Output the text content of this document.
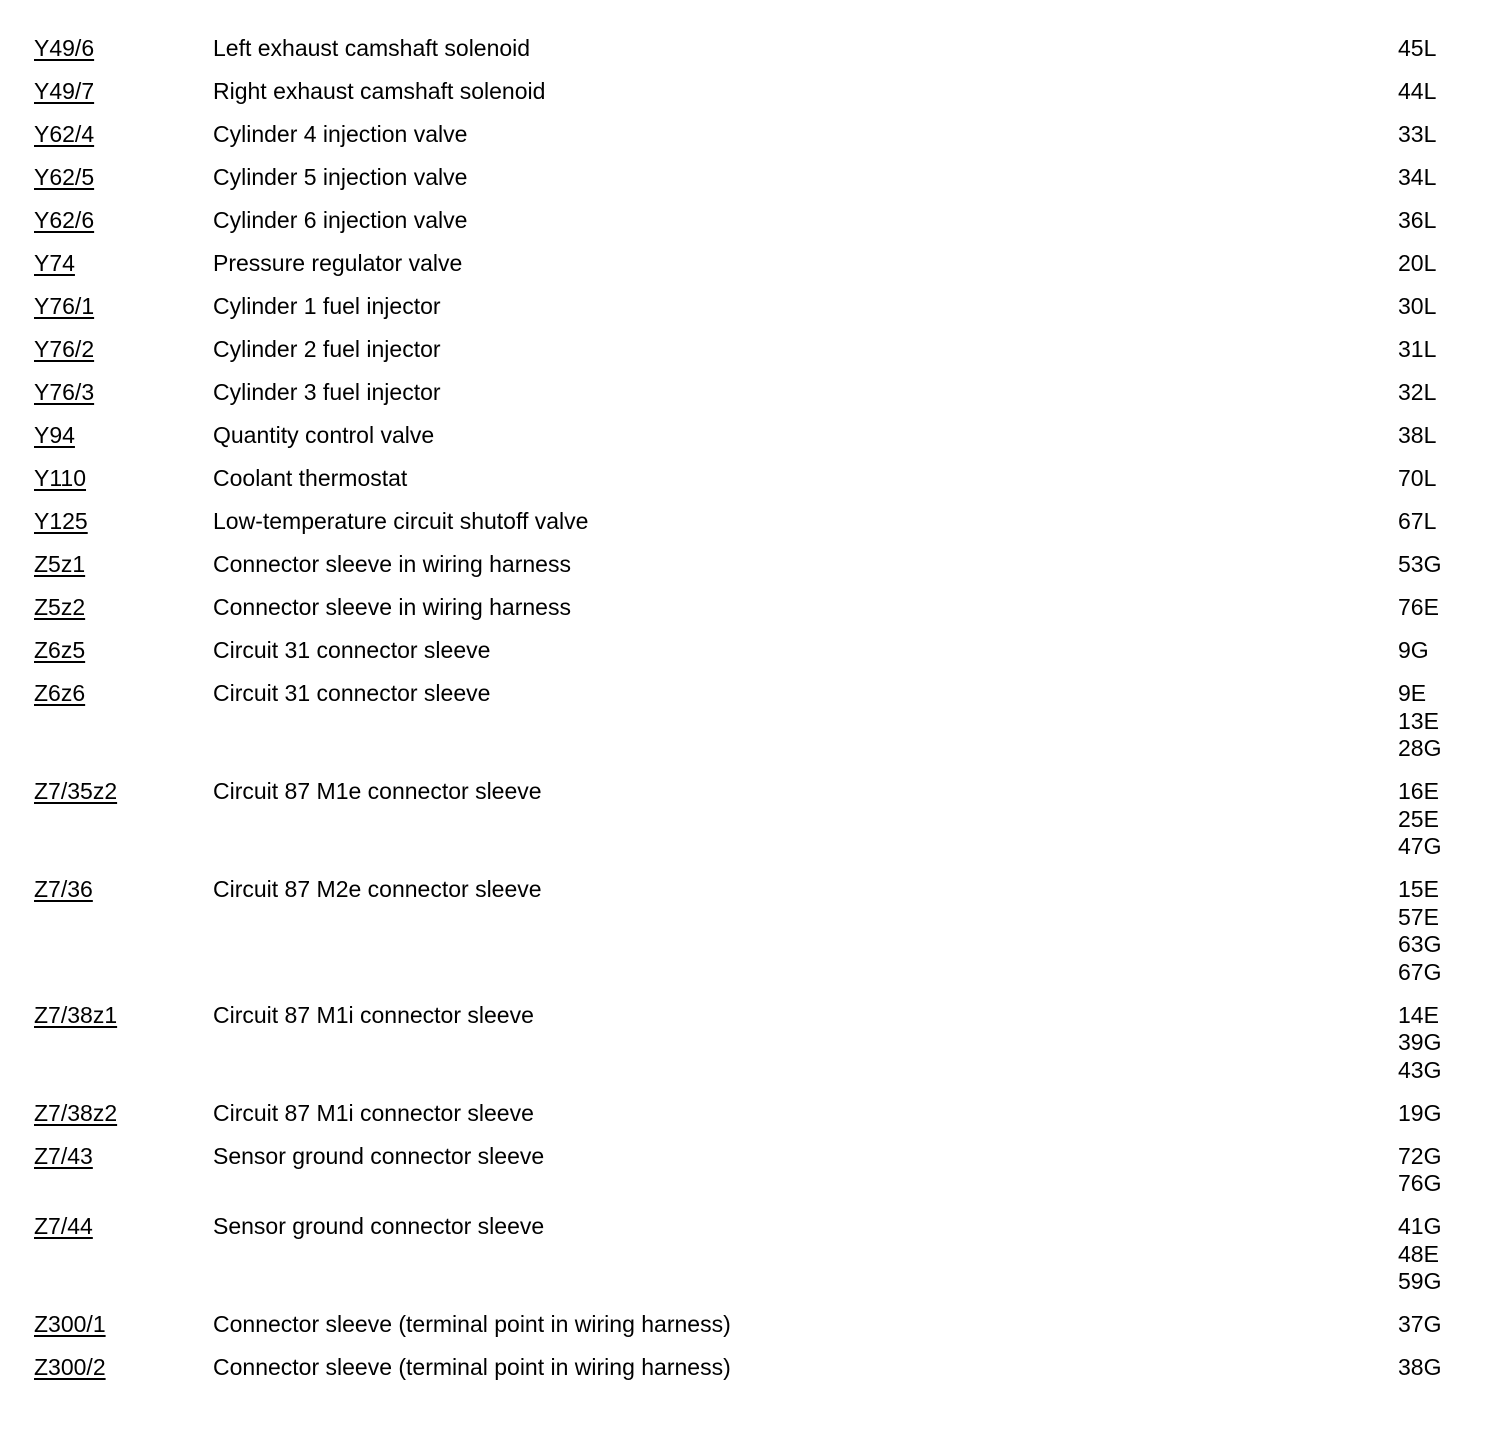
Y49/6	Left exhaust camshaft solenoid	45L
Y49/7	Right exhaust camshaft solenoid	44L
Y62/4	Cylinder 4 injection valve	33L
Y62/5	Cylinder 5 injection valve	34L
Y62/6	Cylinder 6 injection valve	36L
Y74	Pressure regulator valve	20L
Y76/1	Cylinder 1 fuel injector	30L
Y76/2	Cylinder 2 fuel injector	31L
Y76/3	Cylinder 3 fuel injector	32L
Y94	Quantity control valve	38L
Y110	Coolant thermostat	70L
Y125	Low-temperature circuit shutoff valve	67L
Z5z1	Connector sleeve in wiring harness	53G
Z5z2	Connector sleeve in wiring harness	76E
Z6z5	Circuit 31 connector sleeve	9G
Z6z6	Circuit 31 connector sleeve	9E
13E
28G
Z7/35z2	Circuit 87 M1e connector sleeve	16E
25E
47G
Z7/36	Circuit 87 M2e connector sleeve	15E
57E
63G
67G
Z7/38z1	Circuit 87 M1i connector sleeve	14E
39G
43G
Z7/38z2	Circuit 87 M1i connector sleeve	19G
Z7/43	Sensor ground connector sleeve	72G
76G
Z7/44	Sensor ground connector sleeve	41G
48E
59G
Z300/1	Connector sleeve (terminal point in wiring harness)	37G
Z300/2	Connector sleeve (terminal point in wiring harness)	38G
